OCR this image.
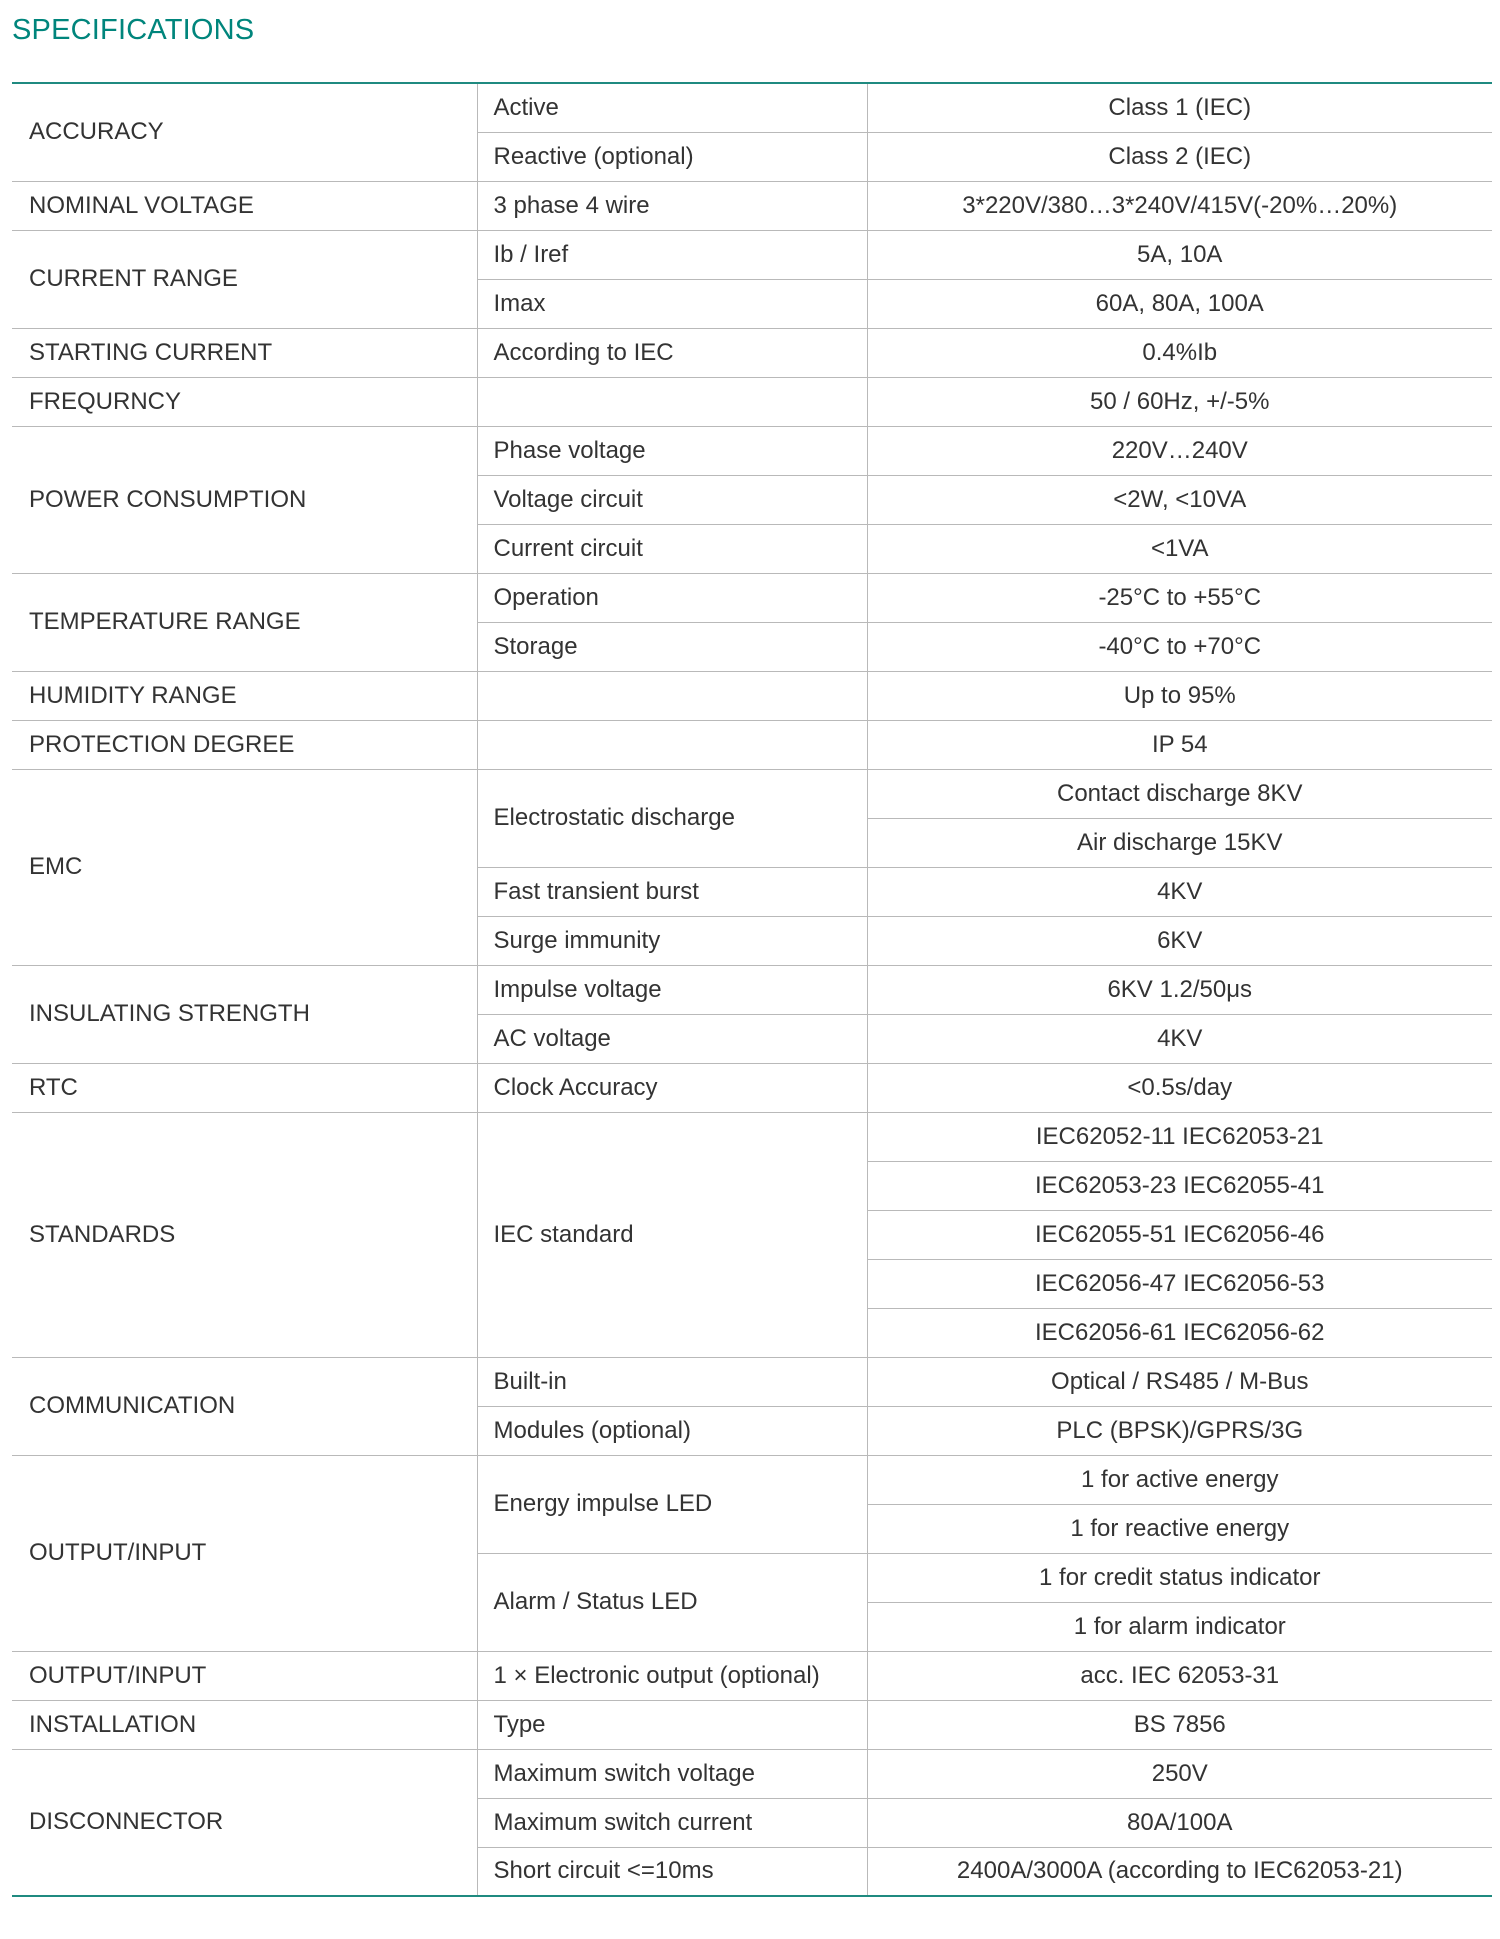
SPECIFICATIONS
ACCURACY	Active	Class 1 (IEC)
	Reactive (optional)	Class 2 (IEC)
NOMINAL VOLTAGE	3 phase 4 wire	3*220V/380…3*240V/415V(-20%…20%)
CURRENT RANGE	Ib / Iref	5A, 10A
	Imax	60A, 80A, 100A
STARTING CURRENT	According to IEC	0.4%Ib
FREQURNCY		50 / 60Hz, +/-5%
POWER CONSUMPTION	Phase voltage	220V…240V
	Voltage circuit	<2W, <10VA
	Current circuit	<1VA
TEMPERATURE RANGE	Operation	-25°C to +55°C
	Storage	-40°C to +70°C
HUMIDITY RANGE		Up to 95%
PROTECTION DEGREE		IP 54
EMC	Electrostatic discharge	Contact discharge 8KV
		Air discharge 15KV
	Fast transient burst	4KV
	Surge immunity	6KV
INSULATING STRENGTH	Impulse voltage	6KV 1.2/50μs
	AC voltage	4KV
RTC	Clock Accuracy	<0.5s/day
STANDARDS	IEC standard	IEC62052-11 IEC62053-21
		IEC62053-23 IEC62055-41
		IEC62055-51 IEC62056-46
		IEC62056-47 IEC62056-53
		IEC62056-61 IEC62056-62
COMMUNICATION	Built-in	Optical / RS485 / M-Bus
	Modules (optional)	PLC (BPSK)/GPRS/3G
OUTPUT/INPUT	Energy impulse LED	1 for active energy
		1 for reactive energy
	Alarm / Status LED	1 for credit status indicator
		1 for alarm indicator
OUTPUT/INPUT	1 × Electronic output (optional)	acc. IEC 62053-31
INSTALLATION	Type	BS 7856
DISCONNECTOR	Maximum switch voltage	250V
	Maximum switch current	80A/100A
	Short circuit <=10ms	2400A/3000A (according to IEC62053-21)
